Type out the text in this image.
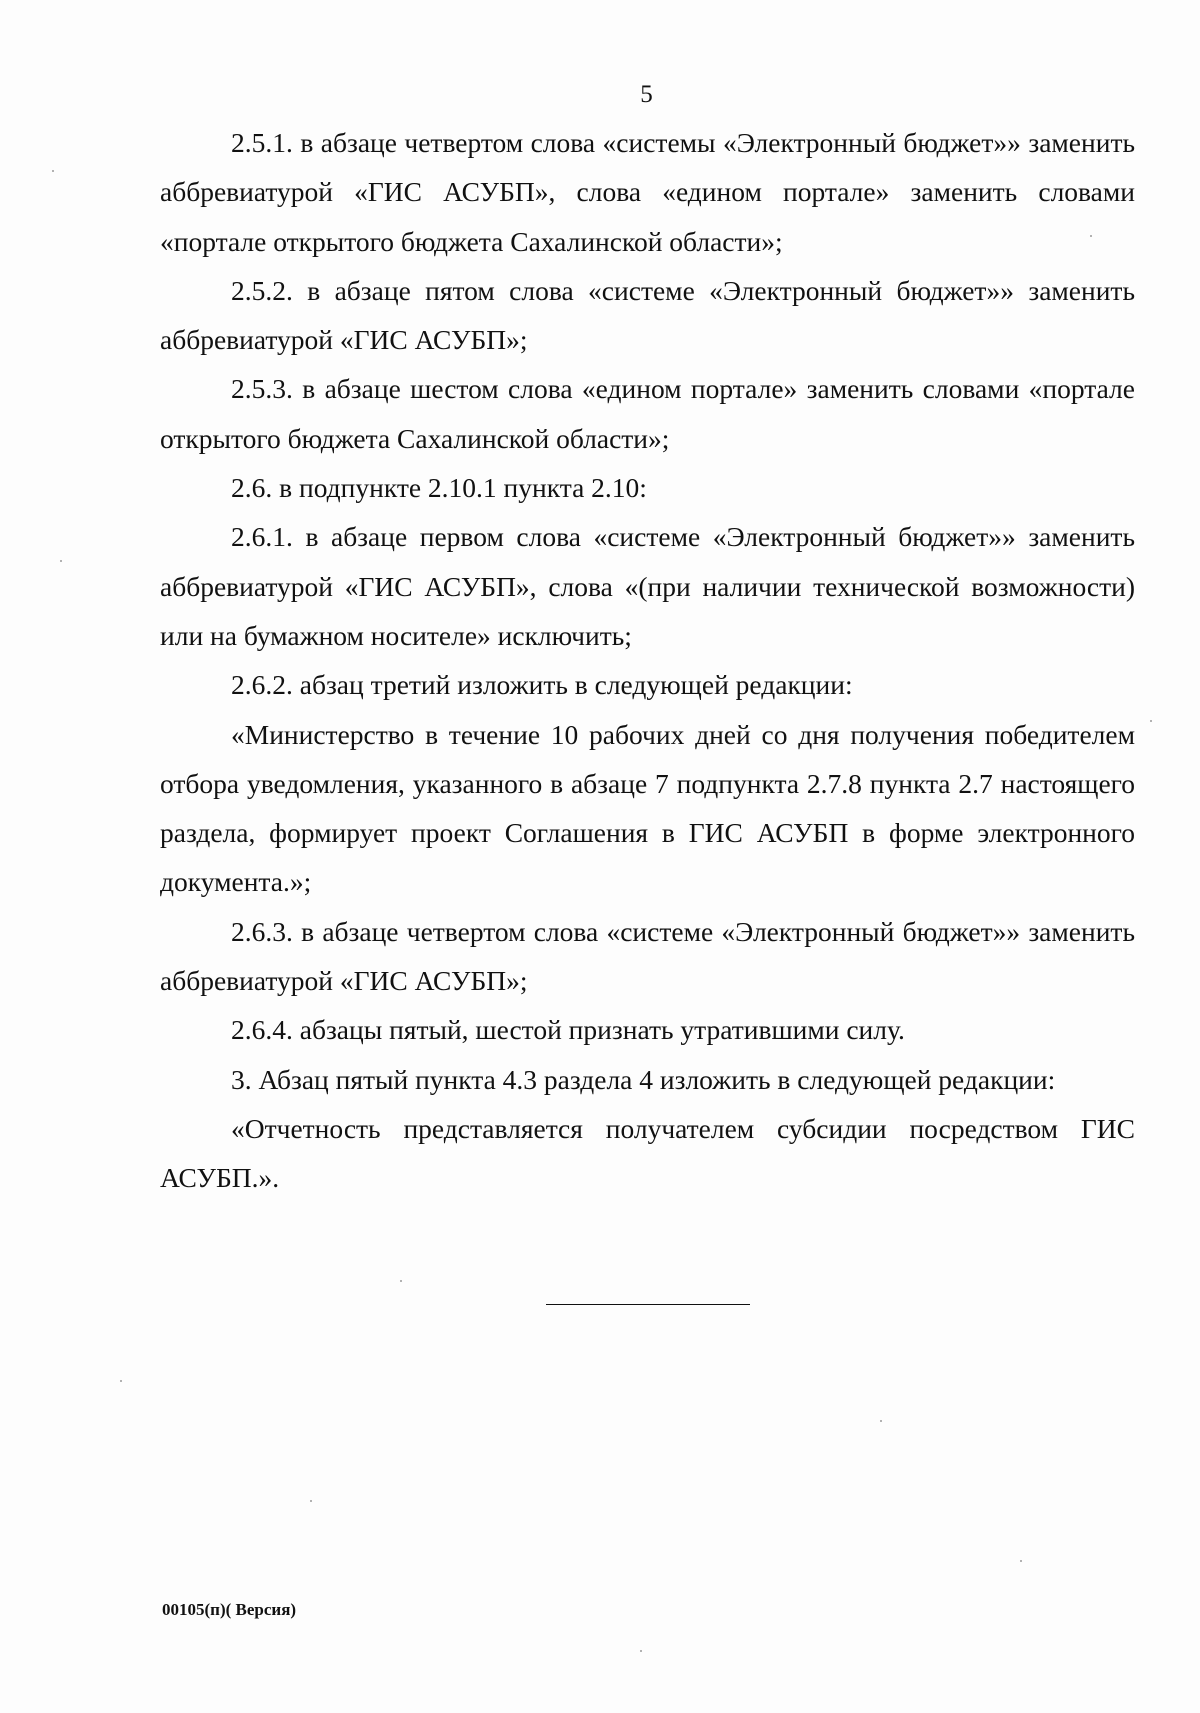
5

2.5.1. в абзаце четвертом слова «системы «Электронный бюджет»» заменить аббревиатурой «ГИС АСУБП», слова «едином портале» заменить словами «портале открытого бюджета Сахалинской области»;

2.5.2. в абзаце пятом слова «системе «Электронный бюджет»» заменить аббревиатурой «ГИС АСУБП»;

2.5.3. в абзаце шестом слова «едином портале» заменить словами «портале открытого бюджета Сахалинской области»;

2.6. в подпункте 2.10.1 пункта 2.10:

2.6.1. в абзаце первом слова «системе «Электронный бюджет»» заменить аббревиатурой «ГИС АСУБП», слова «(при наличии технической возможности) или на бумажном носителе» исключить;

2.6.2. абзац третий изложить в следующей редакции:

«Министерство в течение 10 рабочих дней со дня получения победителем отбора уведомления, указанного в абзаце 7 подпункта 2.7.8 пункта 2.7 настоящего раздела, формирует проект Соглашения в ГИС АСУБП в форме электронного документа.»;

2.6.3. в абзаце четвертом слова «системе «Электронный бюджет»» заменить аббревиатурой «ГИС АСУБП»;

2.6.4. абзацы пятый, шестой признать утратившими силу.

3. Абзац пятый пункта 4.3 раздела 4 изложить в следующей редакции:

«Отчетность представляется получателем субсидии посредством ГИС АСУБП.».

00105(п)( Версия)
